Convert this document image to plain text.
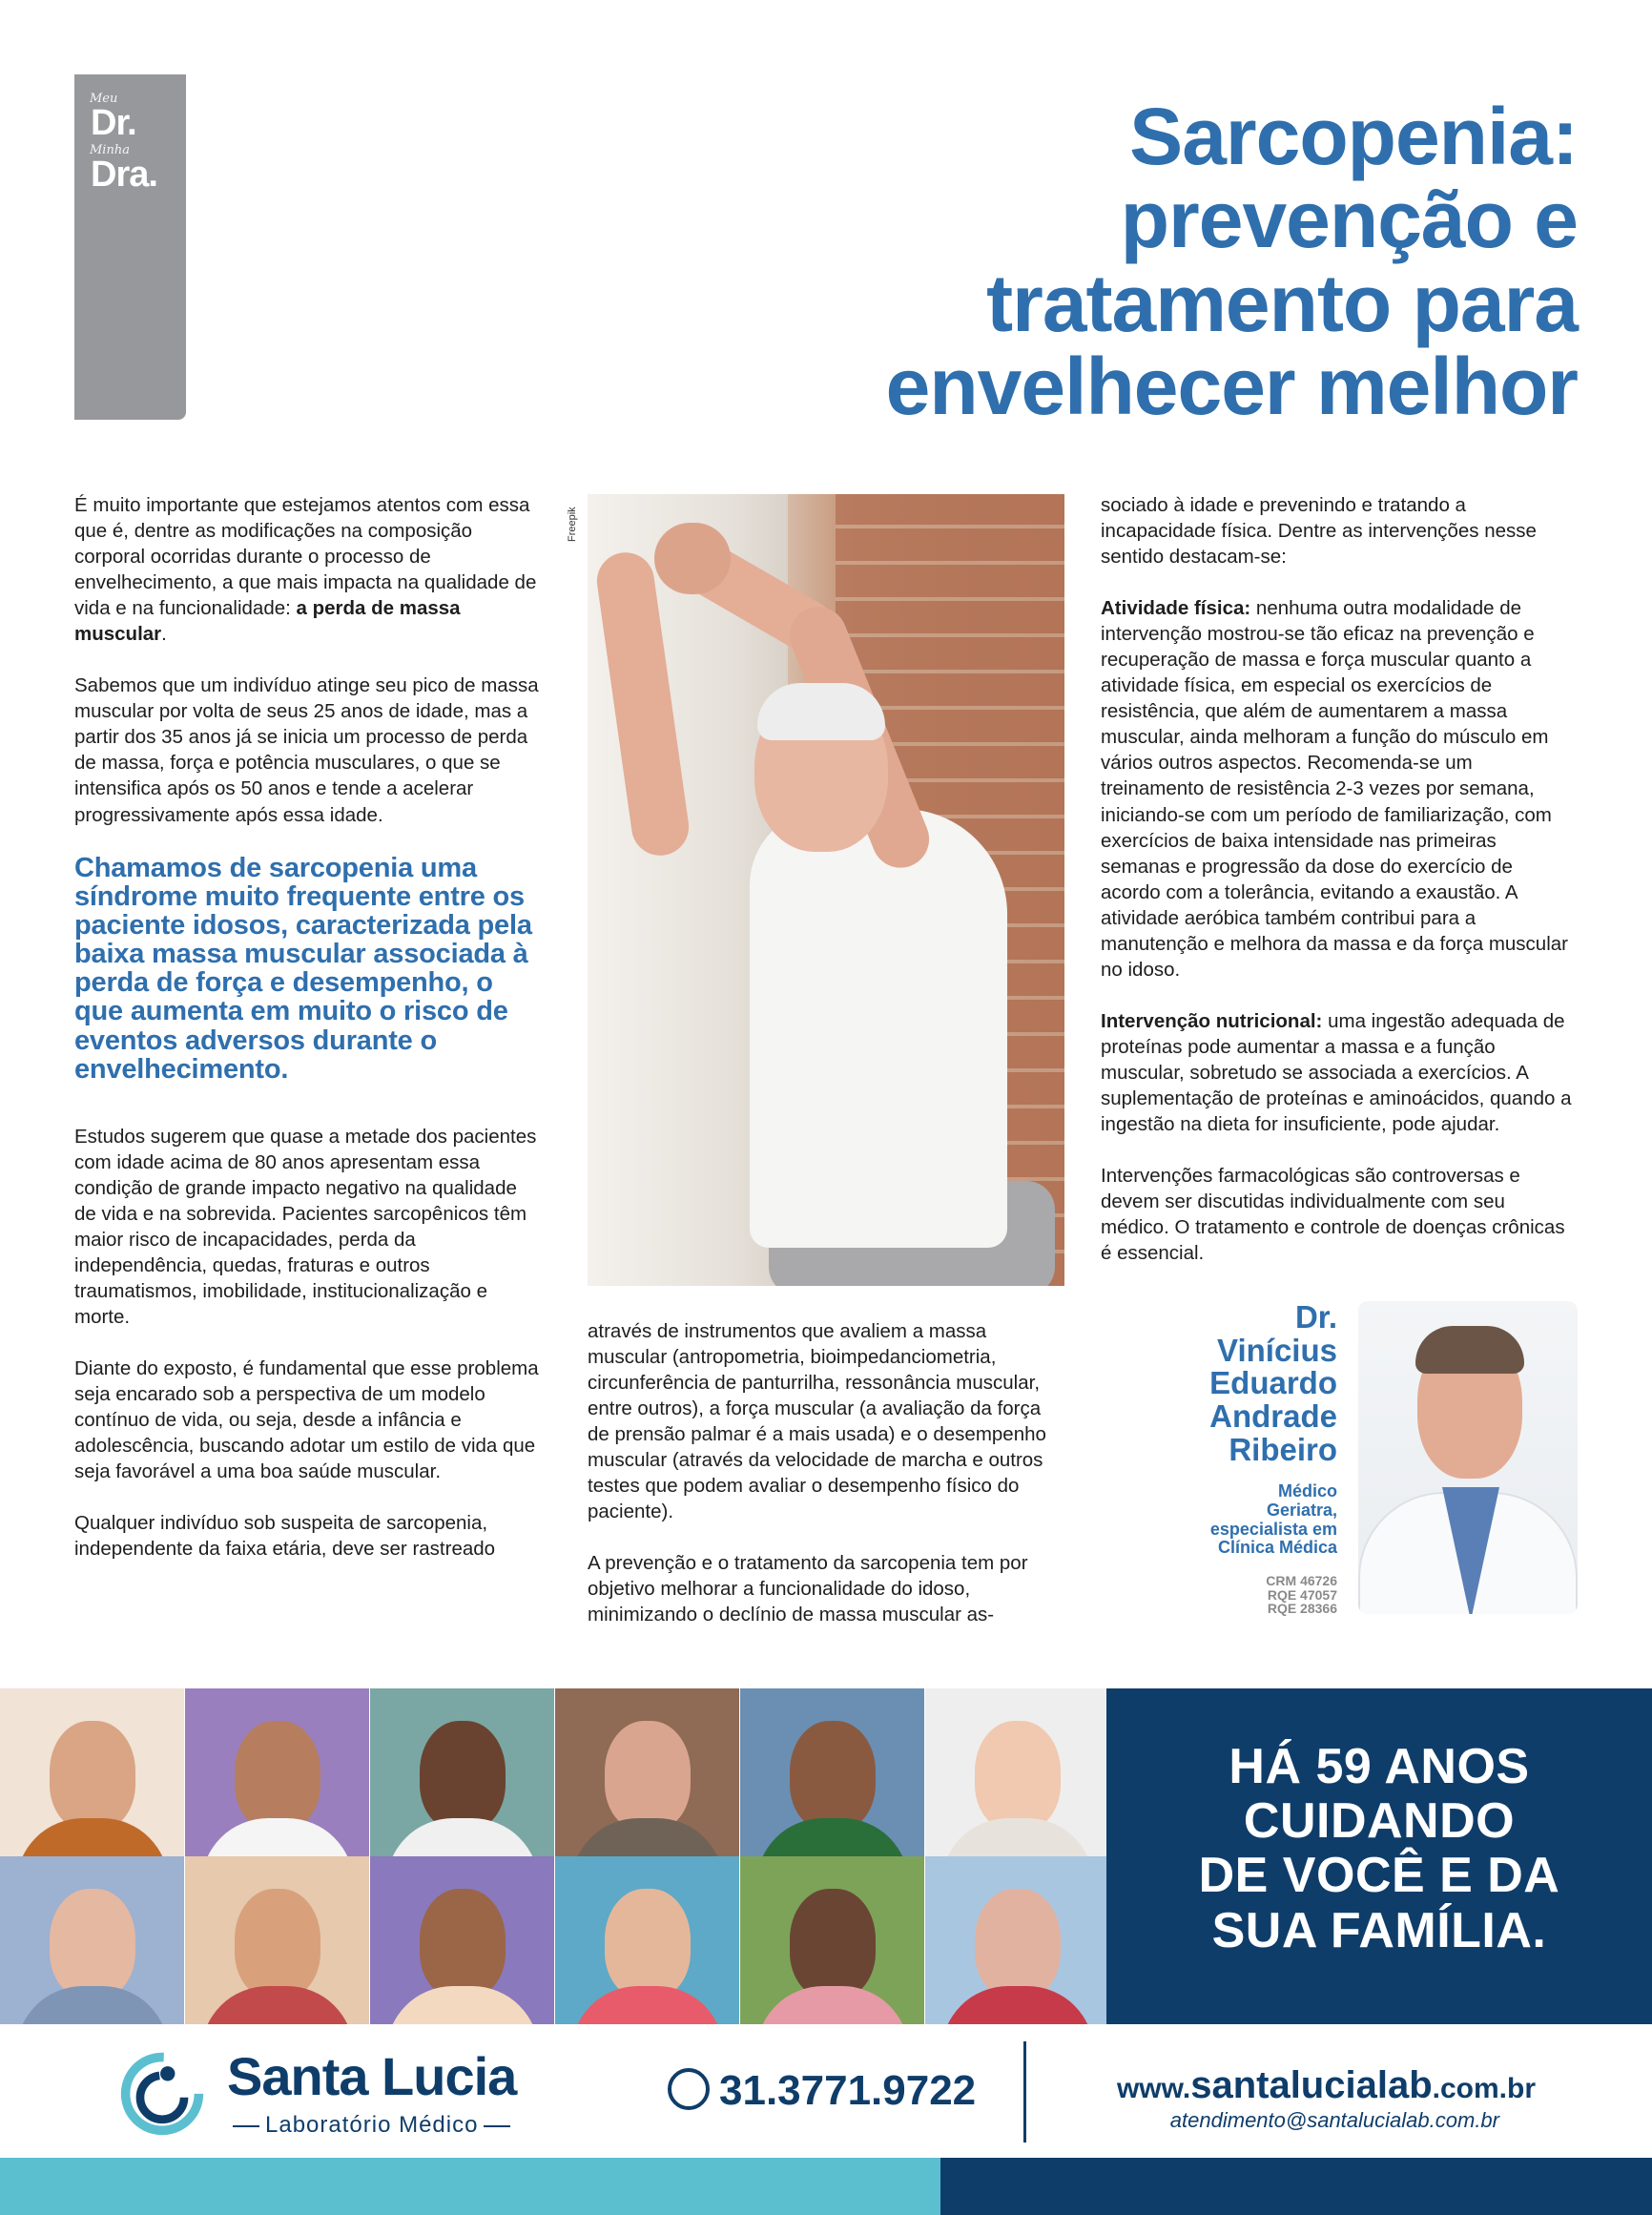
Meu
Dr.
Minha
Dra.	Sarcopenia:
prevenção e
tratamento para
envelhecer melhor

É muito importante que estejamos atentos com essa que é, dentre as modificações na composição corporal ocorridas durante o processo de envelhecimento, a que mais impacta na qualidade de vida e na funcionalidade: a perda de massa muscular.

Sabemos que um indivíduo atinge seu pico de massa muscular por volta de seus 25 anos de idade, mas a partir dos 35 anos já se inicia um processo de perda de massa, força e potência musculares, o que se intensifica após os 50 anos e tende a acelerar progressivamente após essa idade.

Chamamos de sarcopenia uma síndrome muito frequente entre os paciente idosos, caracterizada pela baixa massa muscular associada à perda de força e desempenho, o que aumenta em muito o risco de eventos adversos durante o envelhecimento.

Estudos sugerem que quase a metade dos pacientes com idade acima de 80 anos apresentam essa condição de grande impacto negativo na qualidade de vida e na sobrevida. Pacientes sarcopênicos têm maior risco de incapacidades, perda da independência, quedas, fraturas e outros traumatismos, imobilidade, institucionalização e morte.

Diante do exposto, é fundamental que esse problema seja encarado sob a perspectiva de um modelo contínuo de vida, ou seja, desde a infância e adolescência, buscando adotar um estilo de vida que seja favorável a uma boa saúde muscular.

Qualquer indivíduo sob suspeita de sarcopenia, independente da faixa etária, deve ser rastreado

Freepik

através de instrumentos que avaliem a massa muscular (antropometria, bioimpedanciometria, circunferência de panturrilha, ressonância muscular, entre outros), a força muscular (a avaliação da força de prensão palmar é a mais usada) e o desempenho muscular (através da velocidade de marcha e outros testes que podem avaliar o desempenho físico do paciente).

A prevenção e o tratamento da sarcopenia tem por objetivo melhorar a funcionalidade do idoso, minimizando o declínio de massa muscular as-

sociado à idade e prevenindo e tratando a incapacidade física. Dentre as intervenções nesse sentido destacam-se:

Atividade física: nenhuma outra modalidade de intervenção mostrou-se tão eficaz na prevenção e recuperação de massa e força muscular quanto a atividade física, em especial os exercícios de resistência, que além de aumentarem a massa muscular, ainda melhoram a função do músculo em vários outros aspectos. Recomenda-se um treinamento de resistência 2-3 vezes por semana, iniciando-se com um período de familiarização, com exercícios de baixa intensidade nas primeiras semanas e progressão da dose do exercício de acordo com a tolerância, evitando a exaustão. A atividade aeróbica também contribui para a manutenção e melhora da massa e da força muscular no idoso.

Intervenção nutricional: uma ingestão adequada de proteínas pode aumentar a massa e a função muscular, sobretudo se associada a exercícios. A suplementação de proteínas e aminoácidos, quando a ingestão na dieta for insuficiente, pode ajudar.

Intervenções farmacológicas são controversas e devem ser discutidas individualmente com seu médico. O tratamento e controle de doenças crônicas é essencial.

Dr.
Vinícius
Eduardo
Andrade
Ribeiro
Médico
Geriatra,
especialista em
Clínica Médica
CRM 46726
RQE 47057
RQE 28366
HÁ 59 ANOS
CUIDANDO
DE VOCÊ E DA
SUA FAMÍLIA.
Santa Lucia
Laboratório Médico
31.3771.9722	www.santalucialab.com.br
atendimento@santalucialab.com.br
